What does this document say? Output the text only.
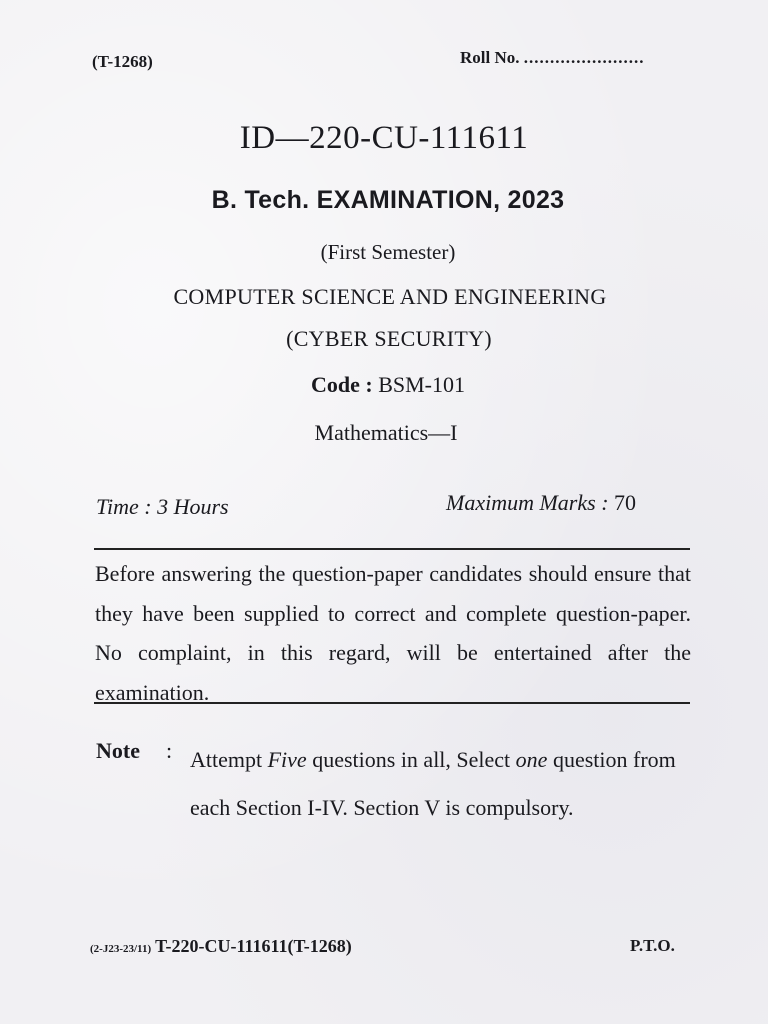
(T-1268)	Roll No. .......................
ID—220-CU-111611
B. Tech. EXAMINATION, 2023
(First Semester)
COMPUTER SCIENCE AND ENGINEERING
(CYBER SECURITY)
Code : BSM-101
Mathematics—I
Time : 3 Hours	Maximum Marks : 70
Before answering the question-paper candidates should ensure that they have been supplied to correct and complete question-paper. No complaint, in this regard, will be entertained after the examination.
Note : Attempt Five questions in all, Select one question from each Section I-IV. Section V is compulsory.
(2-J23-23/11) T-220-CU-111611(T-1268)	P.T.O.
